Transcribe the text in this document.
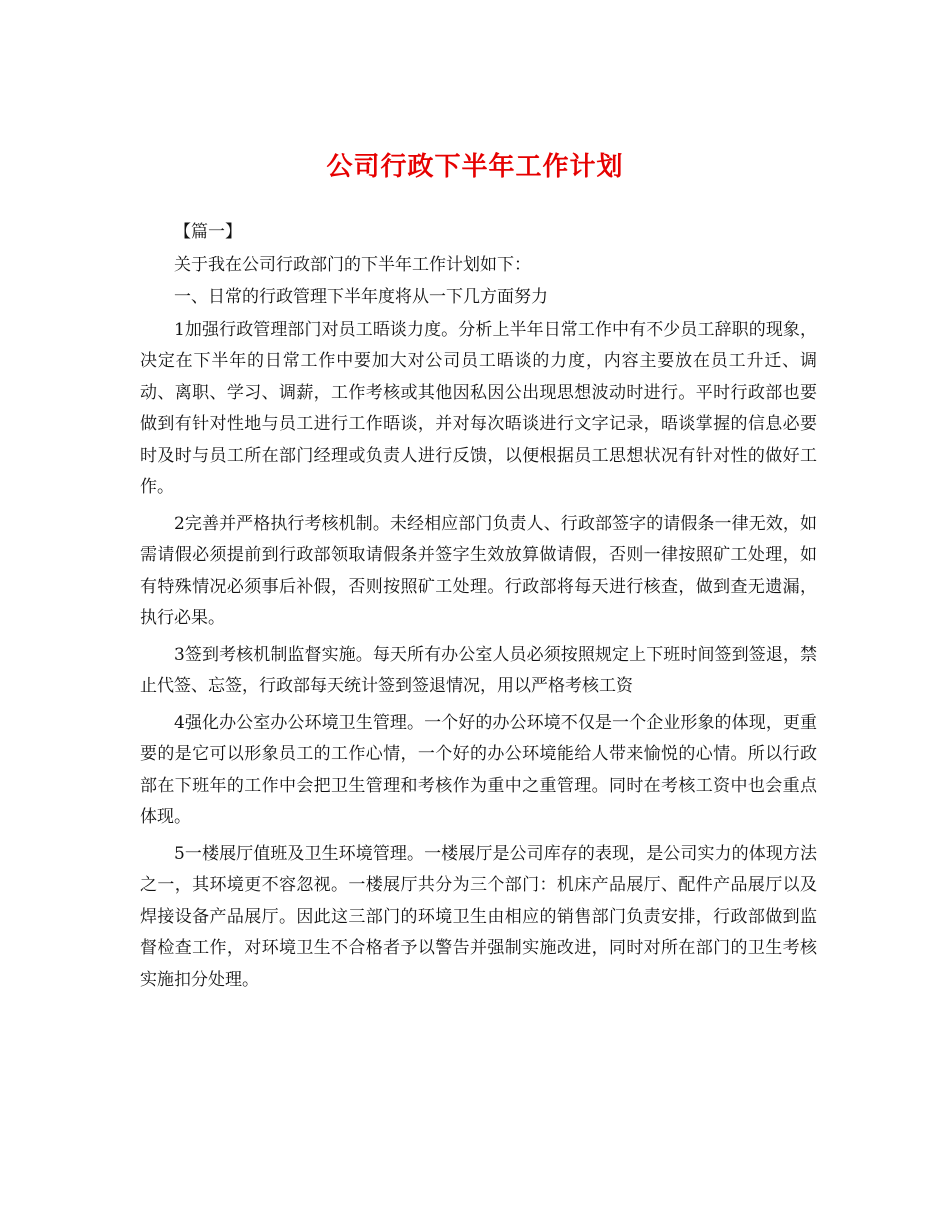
公司行政下半年工作计划

【篇一】

关于我在公司行政部门的下半年工作计划如下：

一、日常的行政管理下半年度将从一下几方面努力

1加强行政管理部门对员工晤谈力度。分析上半年日常工作中有不少员工辞职的现象，决定在下半年的日常工作中要加大对公司员工晤谈的力度，内容主要放在员工升迁、调动、离职、学习、调薪，工作考核或其他因私因公出现思想波动时进行。平时行政部也要做到有针对性地与员工进行工作晤谈，并对每次晤谈进行文字记录，晤谈掌握的信息必要时及时与员工所在部门经理或负责人进行反馈，以便根据员工思想状况有针对性的做好工作。

2完善并严格执行考核机制。未经相应部门负责人、行政部签字的请假条一律无效，如需请假必须提前到行政部领取请假条并签字生效放算做请假，否则一律按照矿工处理，如有特殊情况必须事后补假，否则按照矿工处理。行政部将每天进行核查，做到查无遗漏，执行必果。

3签到考核机制监督实施。每天所有办公室人员必须按照规定上下班时间签到签退，禁止代签、忘签，行政部每天统计签到签退情况，用以严格考核工资

4强化办公室办公环境卫生管理。一个好的办公环境不仅是一个企业形象的体现，更重要的是它可以形象员工的工作心情，一个好的办公环境能给人带来愉悦的心情。所以行政部在下班年的工作中会把卫生管理和考核作为重中之重管理。同时在考核工资中也会重点体现。

5一楼展厅值班及卫生环境管理。一楼展厅是公司库存的表现，是公司实力的体现方法之一，其环境更不容忽视。一楼展厅共分为三个部门：机床产品展厅、配件产品展厅以及焊接设备产品展厅。因此这三部门的环境卫生由相应的销售部门负责安排，行政部做到监督检查工作，对环境卫生不合格者予以警告并强制实施改进，同时对所在部门的卫生考核实施扣分处理。
